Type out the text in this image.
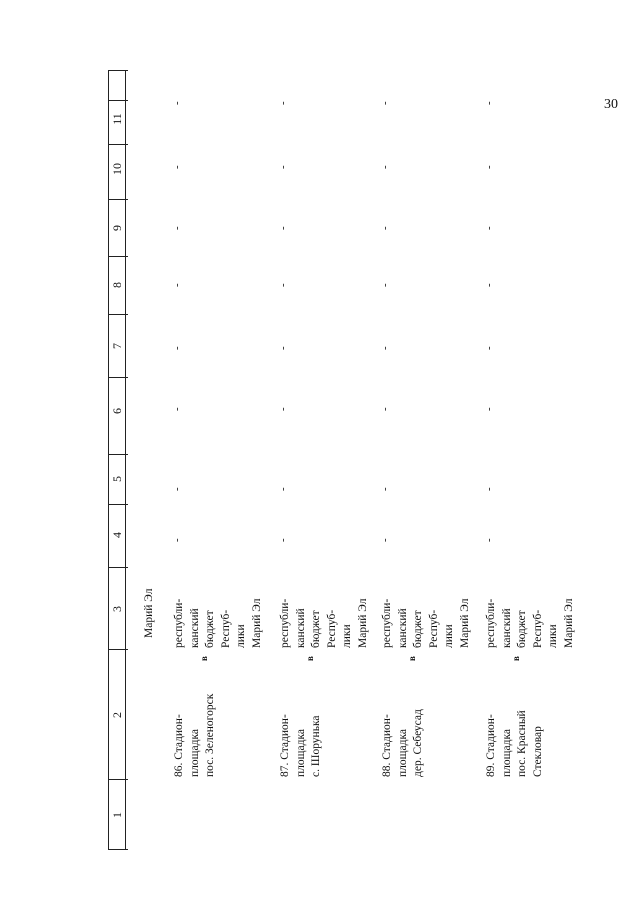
30
1
2
3
4
5
6
7
8
9
10
11
Марий Эл
86. Стадион- площадка пос. Зеленогорск
в
республи- канский бюджет Респуб- лики Марий Эл
-
-
-
-
-
-
-
-
87. Стадион- площадка с. Шорунька
в
республи- канский бюджет Респуб- лики Марий Эл
-
-
-
-
-
-
-
-
88. Стадион- площадка дер. Себеусад
в
республи- канский бюджет Респуб- лики Марий Эл
-
-
-
-
-
-
-
-
89. Стадион- площадка пос. Красный Стекловар
в
республи- канский бюджет Респуб- лики Марий Эл
-
-
-
-
-
-
-
-
